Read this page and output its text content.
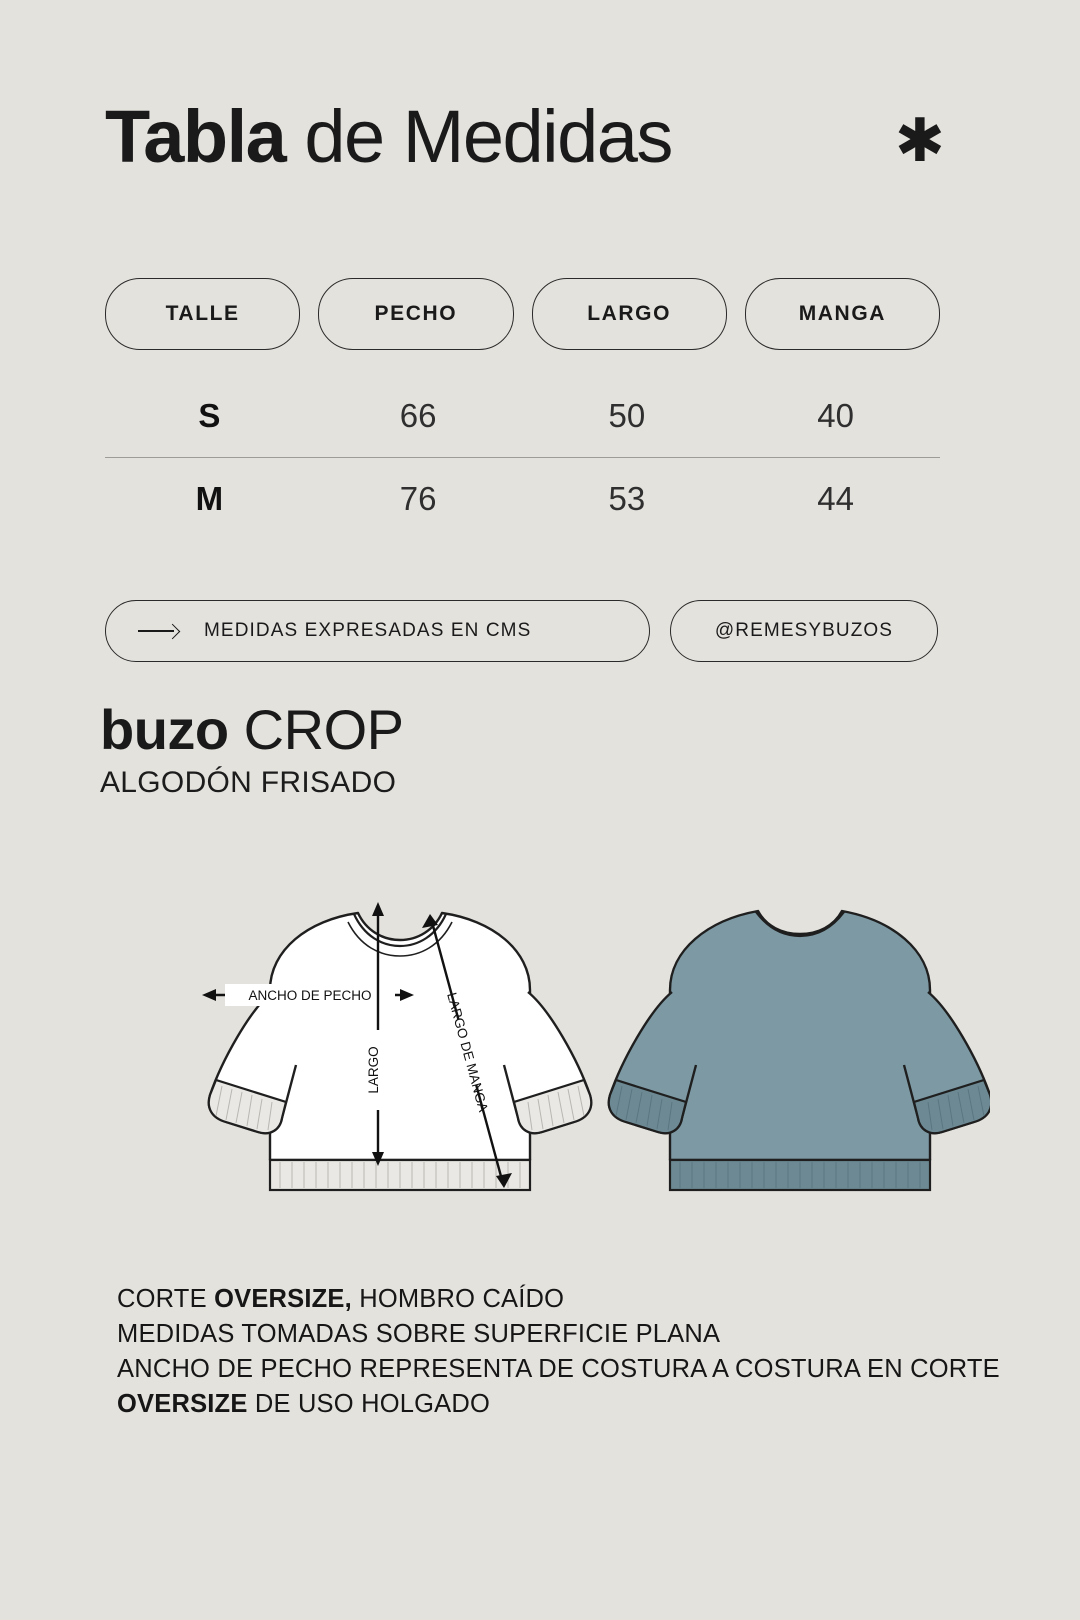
Tabla de Medidas	✱
TALLE	PECHO	LARGO	MANGA
S	66	50	40
M	76	53	44
MEDIDAS EXPRESADAS EN CMS	@REMESYBUZOS
buzo CROP
ALGODÓN FRISADO
ANCHO DE PECHO
LARGO	LARGO DE MANGA
CORTE OVERSIZE, HOMBRO CAÍDO
MEDIDAS TOMADAS SOBRE SUPERFICIE PLANA
ANCHO DE PECHO REPRESENTA DE COSTURA A COSTURA EN CORTE
OVERSIZE DE USO HOLGADO
